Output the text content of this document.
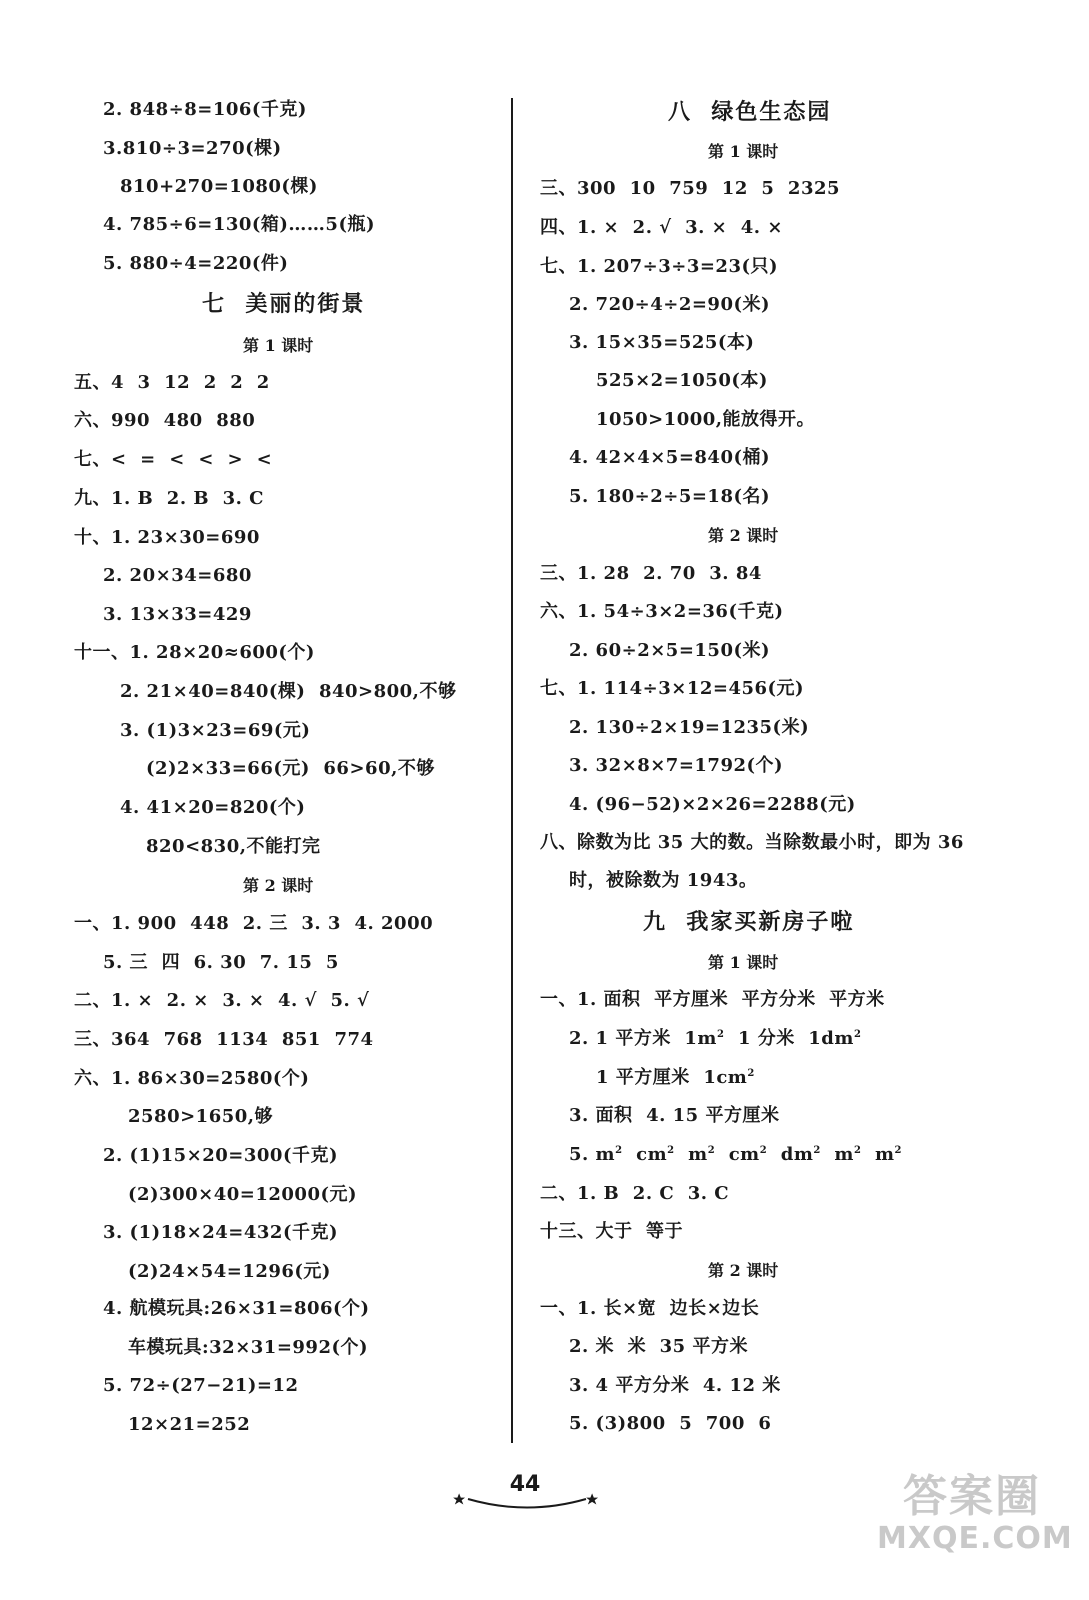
2. 848÷8=106(千克)
3.810÷3=270(棵)
810+270=1080(棵)
4. 785÷6=130(箱)……5(瓶)
5. 880÷4=220(件)
七  美丽的街景
第 1 课时
五、4  3  12  2  2  2
六、990  480  880
七、<  =  <  <  >  <
九、1. B  2. B  3. C
十、1. 23×30=690
2. 20×34=680
3. 13×33=429
十一、1. 28×20≈600(个)
2. 21×40=840(棵)  840>800,不够
3. (1)3×23=69(元)
(2)2×33=66(元)  66>60,不够
4. 41×20=820(个)
820<830,不能打完
第 2 课时
一、1. 900  448  2. 三  3. 3  4. 2000
5. 三  四  6. 30  7. 15  5
二、1. ×  2. ×  3. ×  4. √  5. √
三、364  768  1134  851  774
六、1. 86×30=2580(个)
2580>1650,够
2. (1)15×20=300(千克)
(2)300×40=12000(元)
3. (1)18×24=432(千克)
(2)24×54=1296(元)
4. 航模玩具:26×31=806(个)
车模玩具:32×31=992(个)
5. 72÷(27−21)=12
12×21=252
八  绿色生态园
第 1 课时
三、300  10  759  12  5  2325
四、1. ×  2. √  3. ×  4. ×
七、1. 207÷3÷3=23(只)
2. 720÷4÷2=90(米)
3. 15×35=525(本)
525×2=1050(本)
1050>1000,能放得开。
4. 42×4×5=840(桶)
5. 180÷2÷5=18(名)
第 2 课时
三、1. 28  2. 70  3. 84
六、1. 54÷3×2=36(千克)
2. 60÷2×5=150(米)
七、1. 114÷3×12=456(元)
2. 130÷2×19=1235(米)
3. 32×8×7=1792(个)
4. (96−52)×2×26=2288(元)
八、除数为比 35 大的数。当除数最小时，即为 36
时，被除数为 1943。
九  我家买新房子啦
第 1 课时
一、1. 面积  平方厘米  平方分米  平方米
2. 1 平方米  $1m^2$  1 分米  $1dm^2$
1 平方厘米  $1cm^2$
3. 面积  4. 15 平方厘米
5. $m^2$ $cm^2$  $m^2$ $cm^2$ $dm^2$  $m^2$  $m^2$
二、1. B  2. C  3. C
十三、大于  等于
第 2 课时
一、1. 长×宽  边长×边长
2. 米  米  35 平方米
3. 4 平方分米  4. 12 米
5. (3)800  5  700  6
44	答案圈
MXQE.COM
